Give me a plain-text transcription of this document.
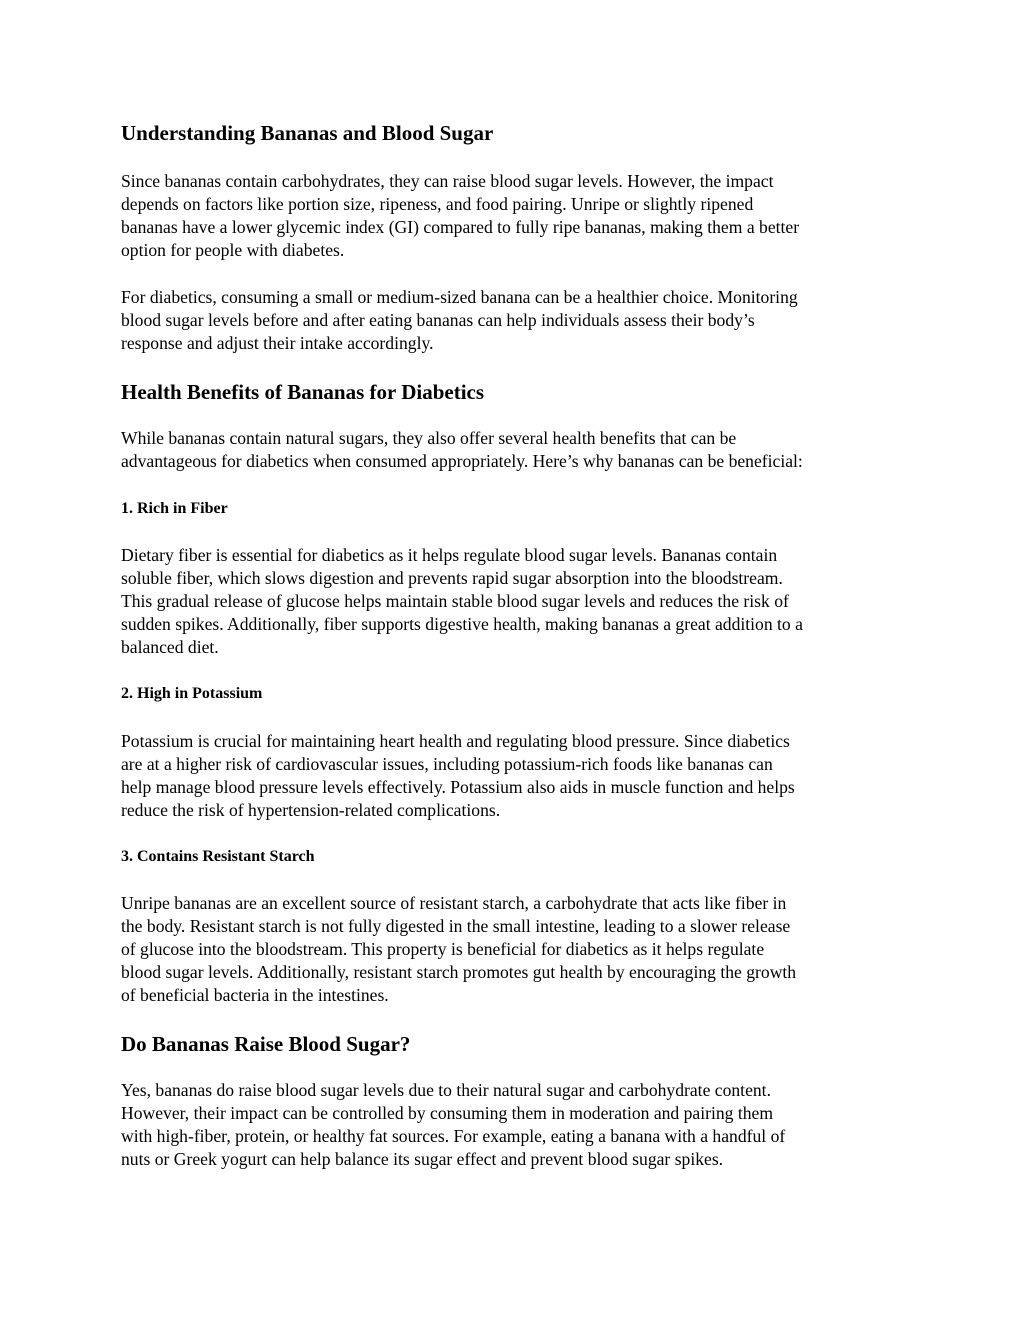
Understanding Bananas and Blood Sugar

Since bananas contain carbohydrates, they can raise blood sugar levels. However, the impact
depends on factors like portion size, ripeness, and food pairing. Unripe or slightly ripened
bananas have a lower glycemic index (GI) compared to fully ripe bananas, making them a better
option for people with diabetes.

For diabetics, consuming a small or medium-sized banana can be a healthier choice. Monitoring
blood sugar levels before and after eating bananas can help individuals assess their body’s
response and adjust their intake accordingly.

Health Benefits of Bananas for Diabetics

While bananas contain natural sugars, they also offer several health benefits that can be
advantageous for diabetics when consumed appropriately. Here’s why bananas can be beneficial:

1. Rich in Fiber

Dietary fiber is essential for diabetics as it helps regulate blood sugar levels. Bananas contain
soluble fiber, which slows digestion and prevents rapid sugar absorption into the bloodstream.
This gradual release of glucose helps maintain stable blood sugar levels and reduces the risk of
sudden spikes. Additionally, fiber supports digestive health, making bananas a great addition to a
balanced diet.

2. High in Potassium

Potassium is crucial for maintaining heart health and regulating blood pressure. Since diabetics
are at a higher risk of cardiovascular issues, including potassium-rich foods like bananas can
help manage blood pressure levels effectively. Potassium also aids in muscle function and helps
reduce the risk of hypertension-related complications.

3. Contains Resistant Starch

Unripe bananas are an excellent source of resistant starch, a carbohydrate that acts like fiber in
the body. Resistant starch is not fully digested in the small intestine, leading to a slower release
of glucose into the bloodstream. This property is beneficial for diabetics as it helps regulate
blood sugar levels. Additionally, resistant starch promotes gut health by encouraging the growth
of beneficial bacteria in the intestines.

Do Bananas Raise Blood Sugar?

Yes, bananas do raise blood sugar levels due to their natural sugar and carbohydrate content.
However, their impact can be controlled by consuming them in moderation and pairing them
with high-fiber, protein, or healthy fat sources. For example, eating a banana with a handful of
nuts or Greek yogurt can help balance its sugar effect and prevent blood sugar spikes.
